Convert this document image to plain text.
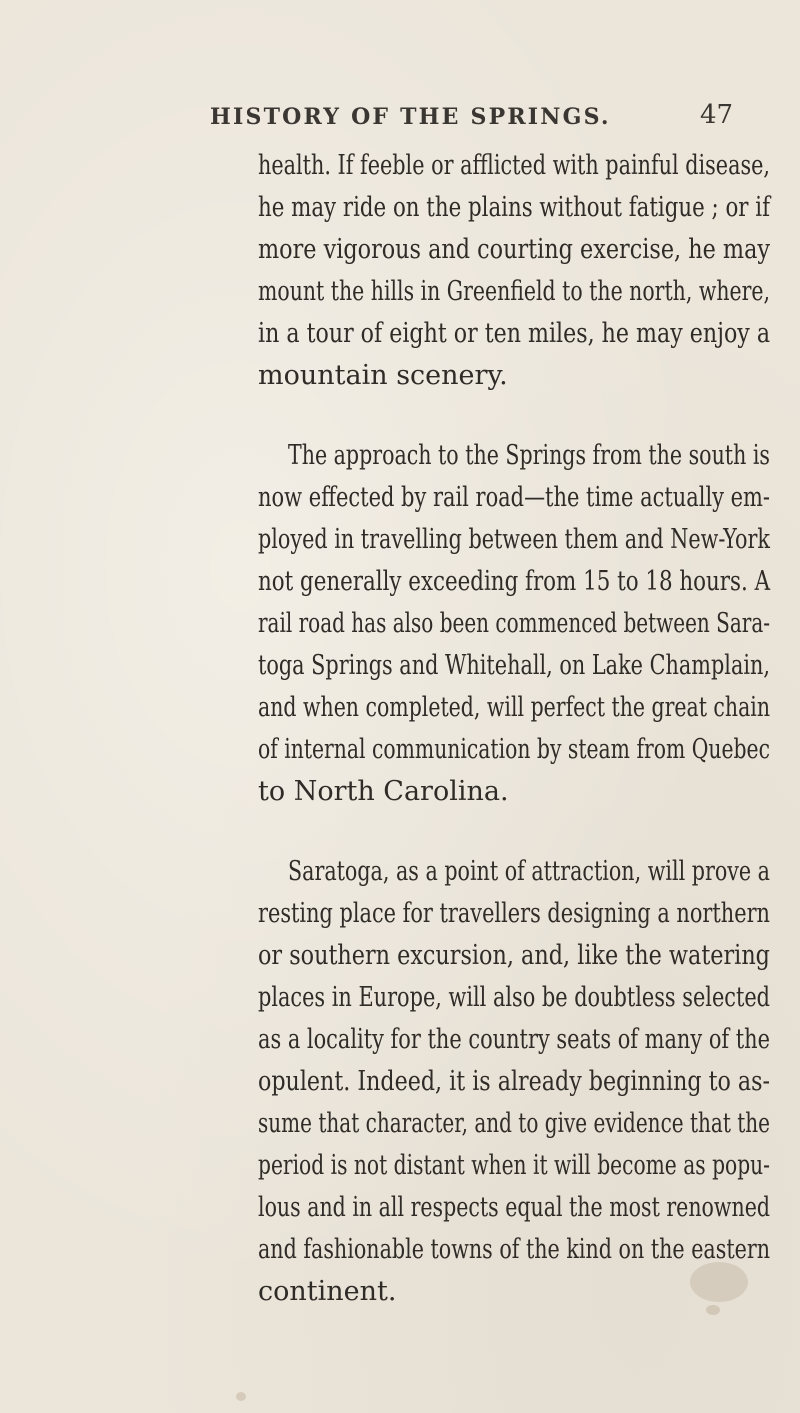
HISTORY OF THE SPRINGS.	47
health. If feeble or afflicted with painful disease,
he may ride on the plains without fatigue ; or if
more vigorous and courting exercise, he may
mount the hills in Greenfield to the north, where,
in a tour of eight or ten miles, he may enjoy a
mountain scenery.
The approach to the Springs from the south is
now effected by rail road—the time actually em-
ployed in travelling between them and New-York
not generally exceeding from 15 to 18 hours. A
rail road has also been commenced between Sara-
toga Springs and Whitehall, on Lake Champlain,
and when completed, will perfect the great chain
of internal communication by steam from Quebec
to North Carolina.
Saratoga, as a point of attraction, will prove a
resting place for travellers designing a northern
or southern excursion, and, like the watering
places in Europe, will also be doubtless selected
as a locality for the country seats of many of the
opulent. Indeed, it is already beginning to as-
sume that character, and to give evidence that the
period is not distant when it will become as popu-
lous and in all respects equal the most renowned
and fashionable towns of the kind on the eastern
continent.
